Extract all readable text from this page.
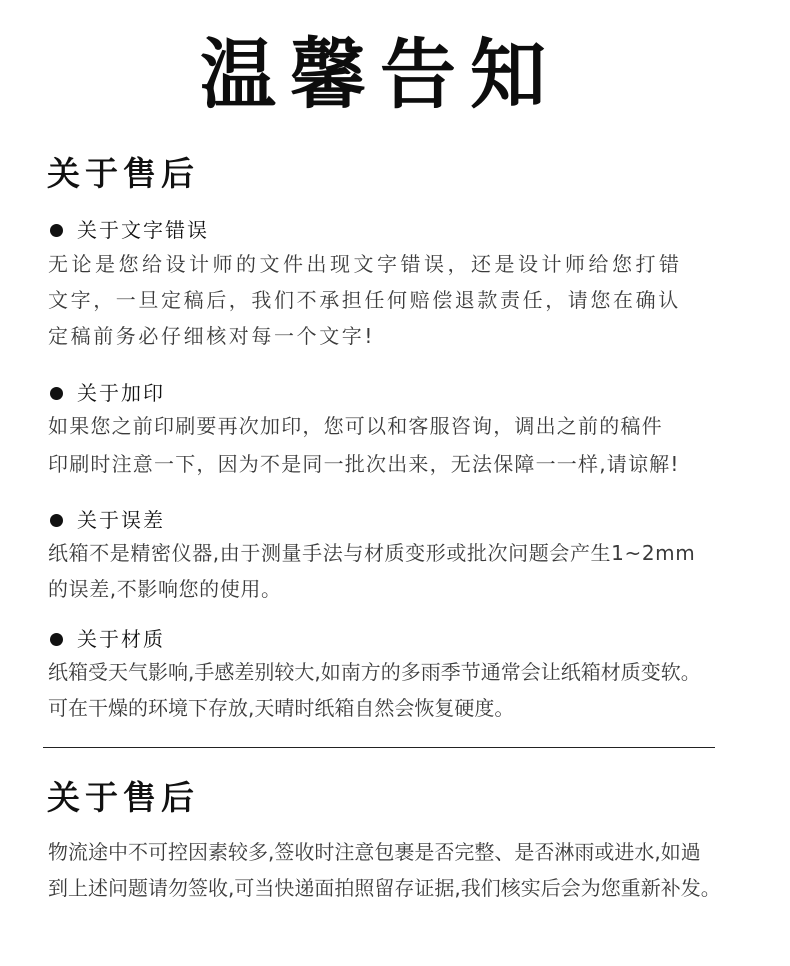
温馨告知
关于售后
关于文字错误
无论是您给设计师的文件出现文字错误，还是设计师给您打错
文字，一旦定稿后，我们不承担任何赔偿退款责任，请您在确认
定稿前务必仔细核对每一个文字!
关于加印
如果您之前印刷要再次加印，您可以和客服咨询，调出之前的稿件
印刷时注意一下，因为不是同一批次出来，无法保障一一样,请谅解!
关于误差
纸箱不是精密仪器,由于测量手法与材质变形或批次问题会产生1~2mm
的误差,不影响您的使用。
关于材质
纸箱受天气影响,手感差别较大,如南方的多雨季节通常会让纸箱材质变软。
可在干燥的环境下存放,天晴时纸箱自然会恢复硬度。
关于售后
物流途中不可控因素较多,签收时注意包裹是否完整、是否淋雨或进水,如過
到上述问题请勿签收,可当快递面拍照留存证据,我们核实后会为您重新补发。
